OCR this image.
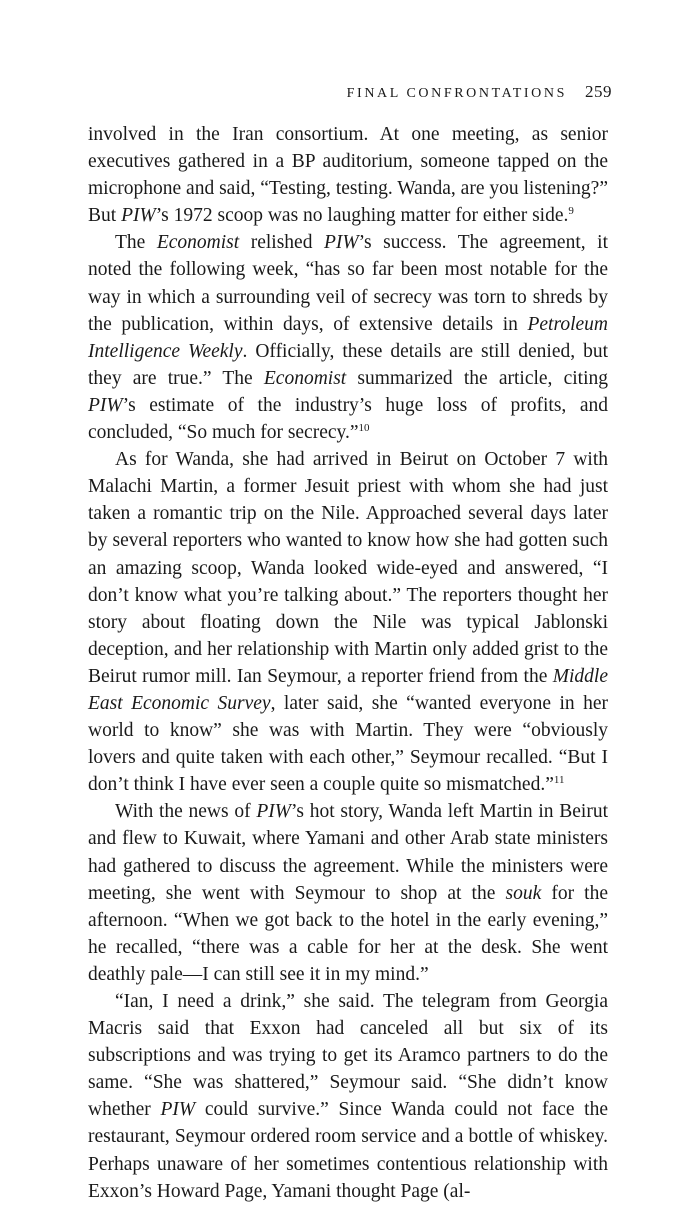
FINAL CONFRONTATIONS 259

involved in the Iran consortium. At one meeting, as senior executives gathered in a BP auditorium, someone tapped on the microphone and said, “Testing, testing. Wanda, are you listening?” But PIW’s 1972 scoop was no laughing matter for either side.$^9$

The Economist relished PIW’s success. The agreement, it noted the following week, “has so far been most notable for the way in which a surrounding veil of secrecy was torn to shreds by the publication, within days, of extensive details in Petroleum Intelligence Weekly. Officially, these details are still denied, but they are true.” The Economist summarized the article, citing PIW’s estimate of the industry’s huge loss of profits, and concluded, “So much for secrecy.”$^{10}$

As for Wanda, she had arrived in Beirut on October 7 with Malachi Martin, a former Jesuit priest with whom she had just taken a romantic trip on the Nile. Approached several days later by several reporters who wanted to know how she had gotten such an amazing scoop, Wanda looked wide-eyed and answered, “I don’t know what you’re talking about.” The reporters thought her story about floating down the Nile was typical Jablonski deception, and her relationship with Martin only added grist to the Beirut rumor mill. Ian Seymour, a reporter friend from the Middle East Economic Survey, later said, she “wanted everyone in her world to know” she was with Martin. They were “obviously lovers and quite taken with each other,” Seymour recalled. “But I don’t think I have ever seen a couple quite so mismatched.”$^{11}$

With the news of PIW’s hot story, Wanda left Martin in Beirut and flew to Kuwait, where Yamani and other Arab state ministers had gathered to discuss the agreement. While the ministers were meeting, she went with Seymour to shop at the souk for the afternoon. “When we got back to the hotel in the early evening,” he recalled, “there was a cable for her at the desk. She went deathly pale—I can still see it in my mind.”

“Ian, I need a drink,” she said. The telegram from Georgia Macris said that Exxon had canceled all but six of its subscriptions and was trying to get its Aramco partners to do the same. “She was shattered,” Seymour said. “She didn’t know whether PIW could survive.” Since Wanda could not face the restaurant, Seymour ordered room service and a bottle of whiskey. Perhaps unaware of her sometimes contentious relationship with Exxon’s Howard Page, Yamani thought Page (al-
